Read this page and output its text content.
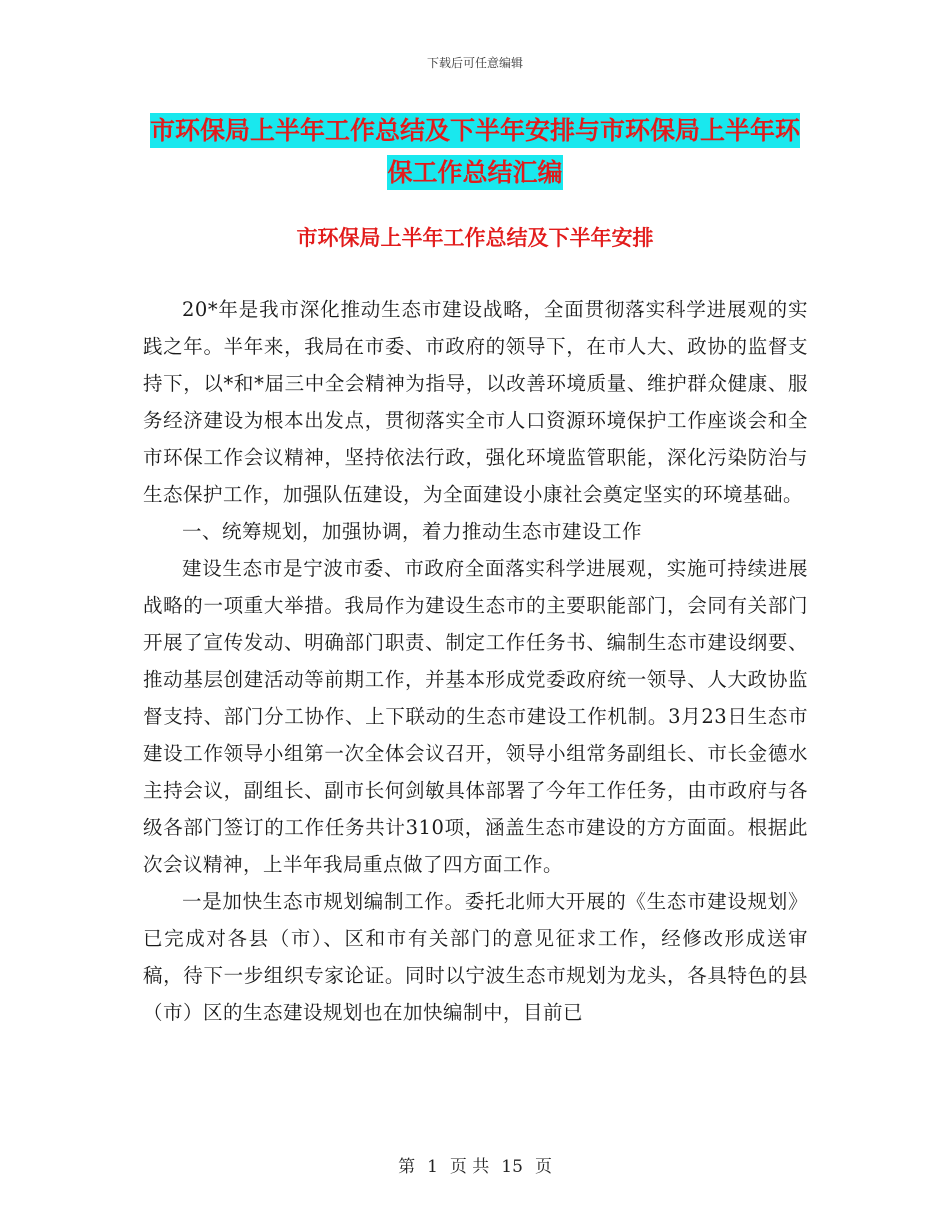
下载后可任意编辑
市环保局上半年工作总结及下半年安排与市环保局上半年环保工作总结汇编
市环保局上半年工作总结及下半年安排

20*年是我市深化推动生态市建设战略，全面贯彻落实科学进展观的实践之年。半年来，我局在市委、市政府的领导下，在市人大、政协的监督支持下，以*和*届三中全会精神为指导，以改善环境质量、维护群众健康、服务经济建设为根本出发点，贯彻落实全市人口资源环境保护工作座谈会和全市环保工作会议精神，坚持依法行政，强化环境监管职能，深化污染防治与生态保护工作，加强队伍建设，为全面建设小康社会奠定坚实的环境基础。

一、统筹规划，加强协调，着力推动生态市建设工作

建设生态市是宁波市委、市政府全面落实科学进展观，实施可持续进展战略的一项重大举措。我局作为建设生态市的主要职能部门，会同有关部门开展了宣传发动、明确部门职责、制定工作任务书、编制生态市建设纲要、推动基层创建活动等前期工作，并基本形成党委政府统一领导、人大政协监督支持、部门分工协作、上下联动的生态市建设工作机制。3月23日生态市建设工作领导小组第一次全体会议召开，领导小组常务副组长、市长金德水主持会议，副组长、副市长何剑敏具体部署了今年工作任务，由市政府与各级各部门签订的工作任务共计310项，涵盖生态市建设的方方面面。根据此次会议精神，上半年我局重点做了四方面工作。

一是加快生态市规划编制工作。委托北师大开展的《生态市建设规划》已完成对各县（市）、区和市有关部门的意见征求工作，经修改形成送审稿，待下一步组织专家论证。同时以宁波生态市规划为龙头，各具特色的县（市）区的生态建设规划也在加快编制中，目前已

第 1 页 共 15 页
